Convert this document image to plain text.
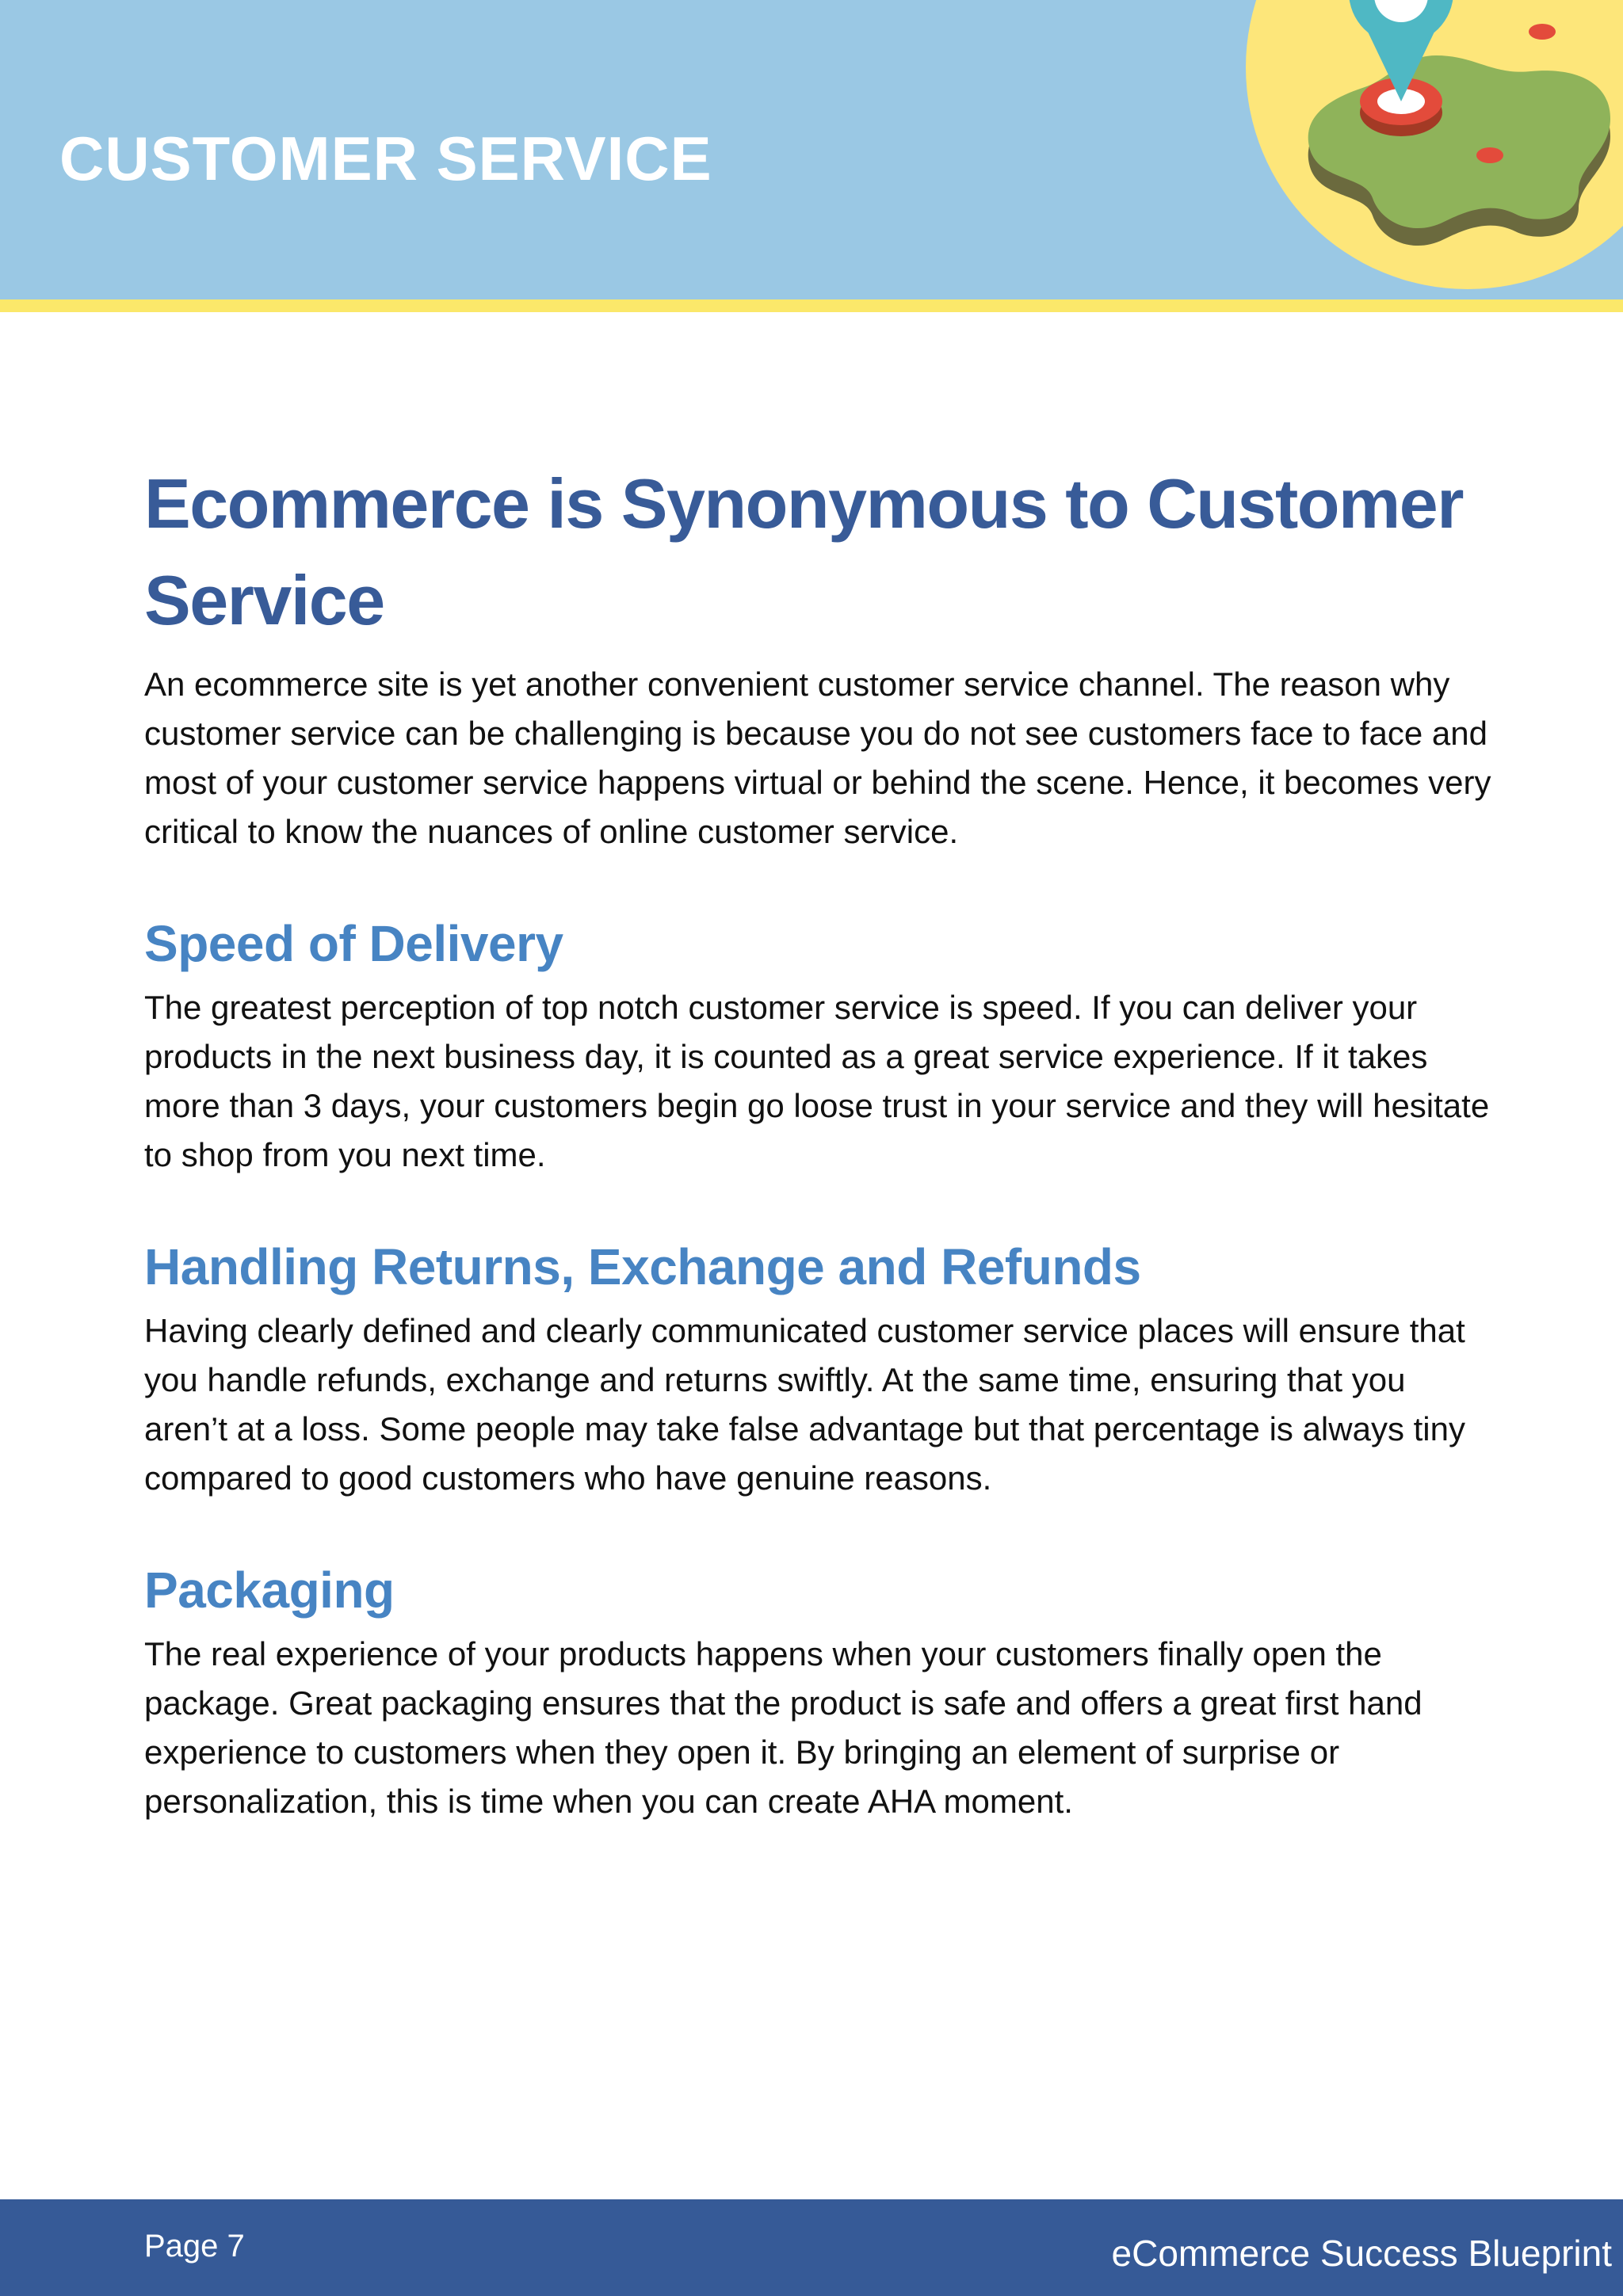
CUSTOMER SERVICE
Ecommerce is Synonymous to Customer Service

An ecommerce site is yet another convenient customer service channel. The reason why customer service can be challenging is because you do not see customers face to face and most of your customer service happens virtual or behind the scene. Hence, it becomes very critical to know the nuances of online customer service.

Speed of Delivery

The greatest perception of top notch customer service is speed. If you can deliver your products in the next business day, it is counted as a great service experience. If it takes more than 3 days, your customers begin go loose trust in your service and they will hesitate to shop from you next time.

Handling Returns, Exchange and Refunds

Having clearly defined and clearly communicated customer service places will ensure that you handle refunds, exchange and returns swiftly. At the same time, ensuring that you aren’t at a loss. Some people may take false advantage but that percentage is always tiny compared to good customers who have genuine reasons.

Packaging

The real experience of your products happens when your customers finally open the package. Great packaging ensures that the product is safe and offers a great first hand experience to customers when they open it. By bringing an element of surprise or personalization, this is time when you can create AHA moment.

Page 7	eCommerce Success Blueprint
